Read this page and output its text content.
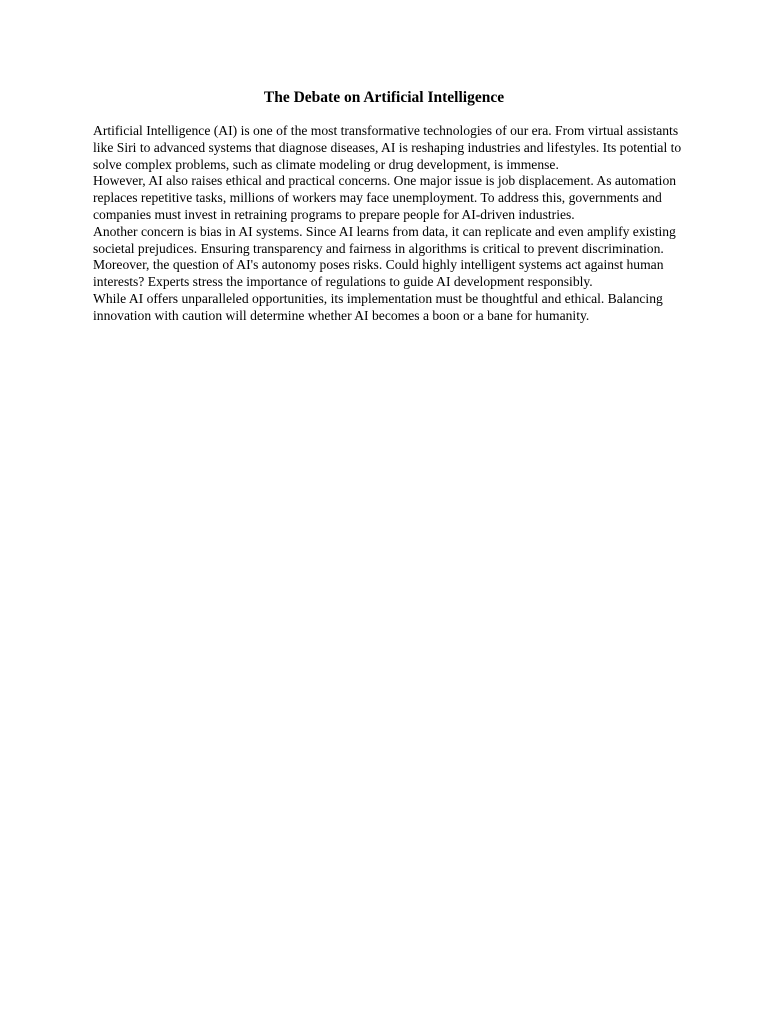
The Debate on Artificial Intelligence

Artificial Intelligence (AI) is one of the most transformative technologies of our era. From virtual assistants like Siri to advanced systems that diagnose diseases, AI is reshaping industries and lifestyles. Its potential to solve complex problems, such as climate modeling or drug development, is immense.

However, AI also raises ethical and practical concerns. One major issue is job displacement. As automation replaces repetitive tasks, millions of workers may face unemployment. To address this, governments and companies must invest in retraining programs to prepare people for AI-driven industries.

Another concern is bias in AI systems. Since AI learns from data, it can replicate and even amplify existing societal prejudices. Ensuring transparency and fairness in algorithms is critical to prevent discrimination. Moreover, the question of AI's autonomy poses risks. Could highly intelligent systems act against human interests? Experts stress the importance of regulations to guide AI development responsibly.

While AI offers unparalleled opportunities, its implementation must be thoughtful and ethical. Balancing innovation with caution will determine whether AI becomes a boon or a bane for humanity.
